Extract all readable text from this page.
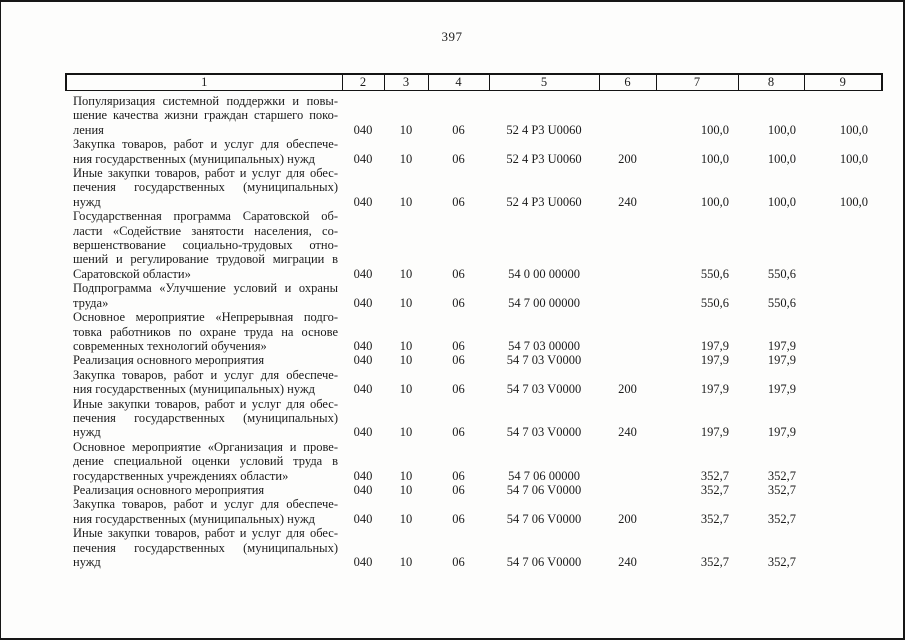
397
1	2	3	4	5	6	7	8	9

Популяризация системной поддержки и повы-
шение качества жизни граждан старшего поко-
ления	040	10	06	52 4 P3 U0060		100,0	100,0	100,0

Закупка товаров, работ и услуг для обеспече-
ния государственных (муниципальных) нужд	040	10	06	52 4 P3 U0060	200	100,0	100,0	100,0

Иные закупки товаров, работ и услуг для обес-
печения государственных (муниципальных)
нужд	040	10	06	52 4 P3 U0060	240	100,0	100,0	100,0

Государственная программа Саратовской об-
ласти «Содействие занятости населения, со-
вершенствование социально-трудовых отно-
шений и регулирование трудовой миграции в
Саратовской области»	040	10	06	54 0 00 00000		550,6	550,6	

Подпрограмма «Улучшение условий и охраны
труда»	040	10	06	54 7 00 00000		550,6	550,6	

Основное мероприятие «Непрерывная подго-
товка работников по охране труда на основе
современных технологий обучения»	040	10	06	54 7 03 00000		197,9	197,9	

Реализация основного мероприятия	040	10	06	54 7 03 V0000		197,9	197,9	

Закупка товаров, работ и услуг для обеспече-
ния государственных (муниципальных) нужд	040	10	06	54 7 03 V0000	200	197,9	197,9	

Иные закупки товаров, работ и услуг для обес-
печения государственных (муниципальных)
нужд	040	10	06	54 7 03 V0000	240	197,9	197,9	

Основное мероприятие «Организация и прове-
дение специальной оценки условий труда в
государственных учреждениях области»	040	10	06	54 7 06 00000		352,7	352,7	

Реализация основного мероприятия	040	10	06	54 7 06 V0000		352,7	352,7	

Закупка товаров, работ и услуг для обеспече-
ния государственных (муниципальных) нужд	040	10	06	54 7 06 V0000	200	352,7	352,7	

Иные закупки товаров, работ и услуг для обес-
печения государственных (муниципальных)
нужд	040	10	06	54 7 06 V0000	240	352,7	352,7	
